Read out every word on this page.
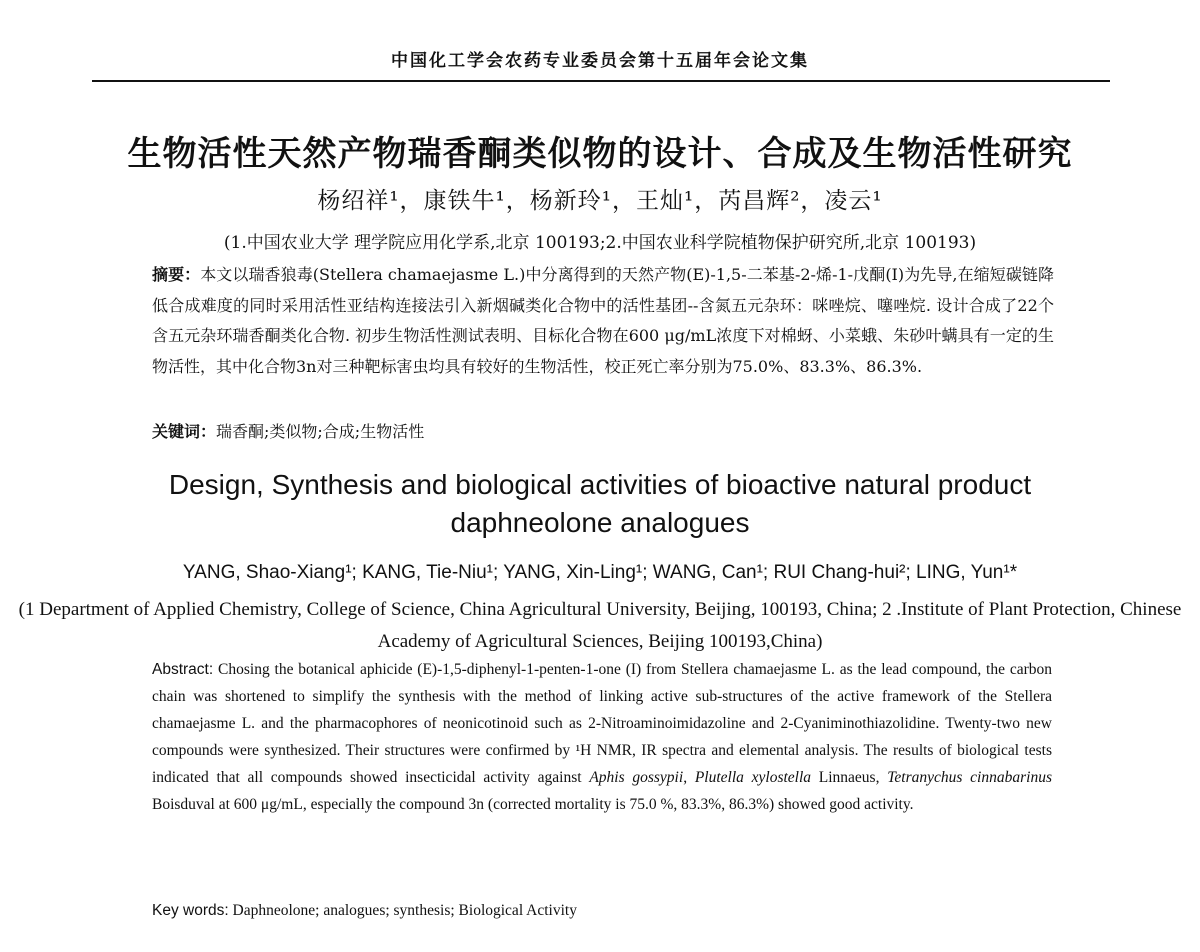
中国化工学会农药专业委员会第十五届年会论文集
生物活性天然产物瑞香酮类似物的设计、合成及生物活性研究
杨绍祥¹，康铁牛¹，杨新玲¹，王灿¹，芮昌辉²，凌云¹
(1.中国农业大学 理学院应用化学系,北京 100193;2.中国农业科学院植物保护研究所,北京 100193)
摘要：本文以瑞香狼毒(Stellera chamaejasme L.)中分离得到的天然产物(E)-1,5-二苯基-2-烯-1-戊酮(I)为先导,在缩短碳链降低合成难度的同时采用活性亚结构连接法引入新烟碱类化合物中的活性基团--含氮五元杂环：咪唑烷、噻唑烷. 设计合成了22个含五元杂环瑞香酮类化合物. 初步生物活性测试表明、目标化合物在600 μg/mL浓度下对棉蚜、小菜蛾、朱砂叶螨具有一定的生物活性，其中化合物3n对三种靶标害虫均具有较好的生物活性，校正死亡率分别为75.0%、83.3%、86.3%.
关键词：瑞香酮;类似物;合成;生物活性
Design, Synthesis and biological activities of bioactive natural product daphneolone analogues
YANG, Shao-Xiang¹; KANG, Tie-Niu¹; YANG, Xin-Ling¹; WANG, Can¹; RUI Chang-hui²; LING, Yun¹*
(1 Department of Applied Chemistry, College of Science, China Agricultural University, Beijing, 100193, China; 2 .Institute of Plant Protection, Chinese Academy of Agricultural Sciences, Beijing 100193,China)
Abstract: Chosing the botanical aphicide (E)-1,5-diphenyl-1-penten-1-one (I) from Stellera chamaejasme L. as the lead compound, the carbon chain was shortened to simplify the synthesis with the method of linking active sub-structures of the active framework of the Stellera chamaejasme L. and the pharmacophores of neonicotinoid such as 2-Nitroaminoimidazoline and 2-Cyaniminothiazolidine. Twenty-two new compounds were synthesized. Their structures were confirmed by ¹H NMR, IR spectra and elemental analysis. The results of biological tests indicated that all compounds showed insecticidal activity against Aphis gossypii, Plutella xylostella Linnaeus, Tetranychus cinnabarinus Boisduval at 600 μg/mL, especially the compound 3n (corrected mortality is 75.0 %, 83.3%, 86.3%) showed good activity.
Key words: Daphneolone; analogues; synthesis; Biological Activity
